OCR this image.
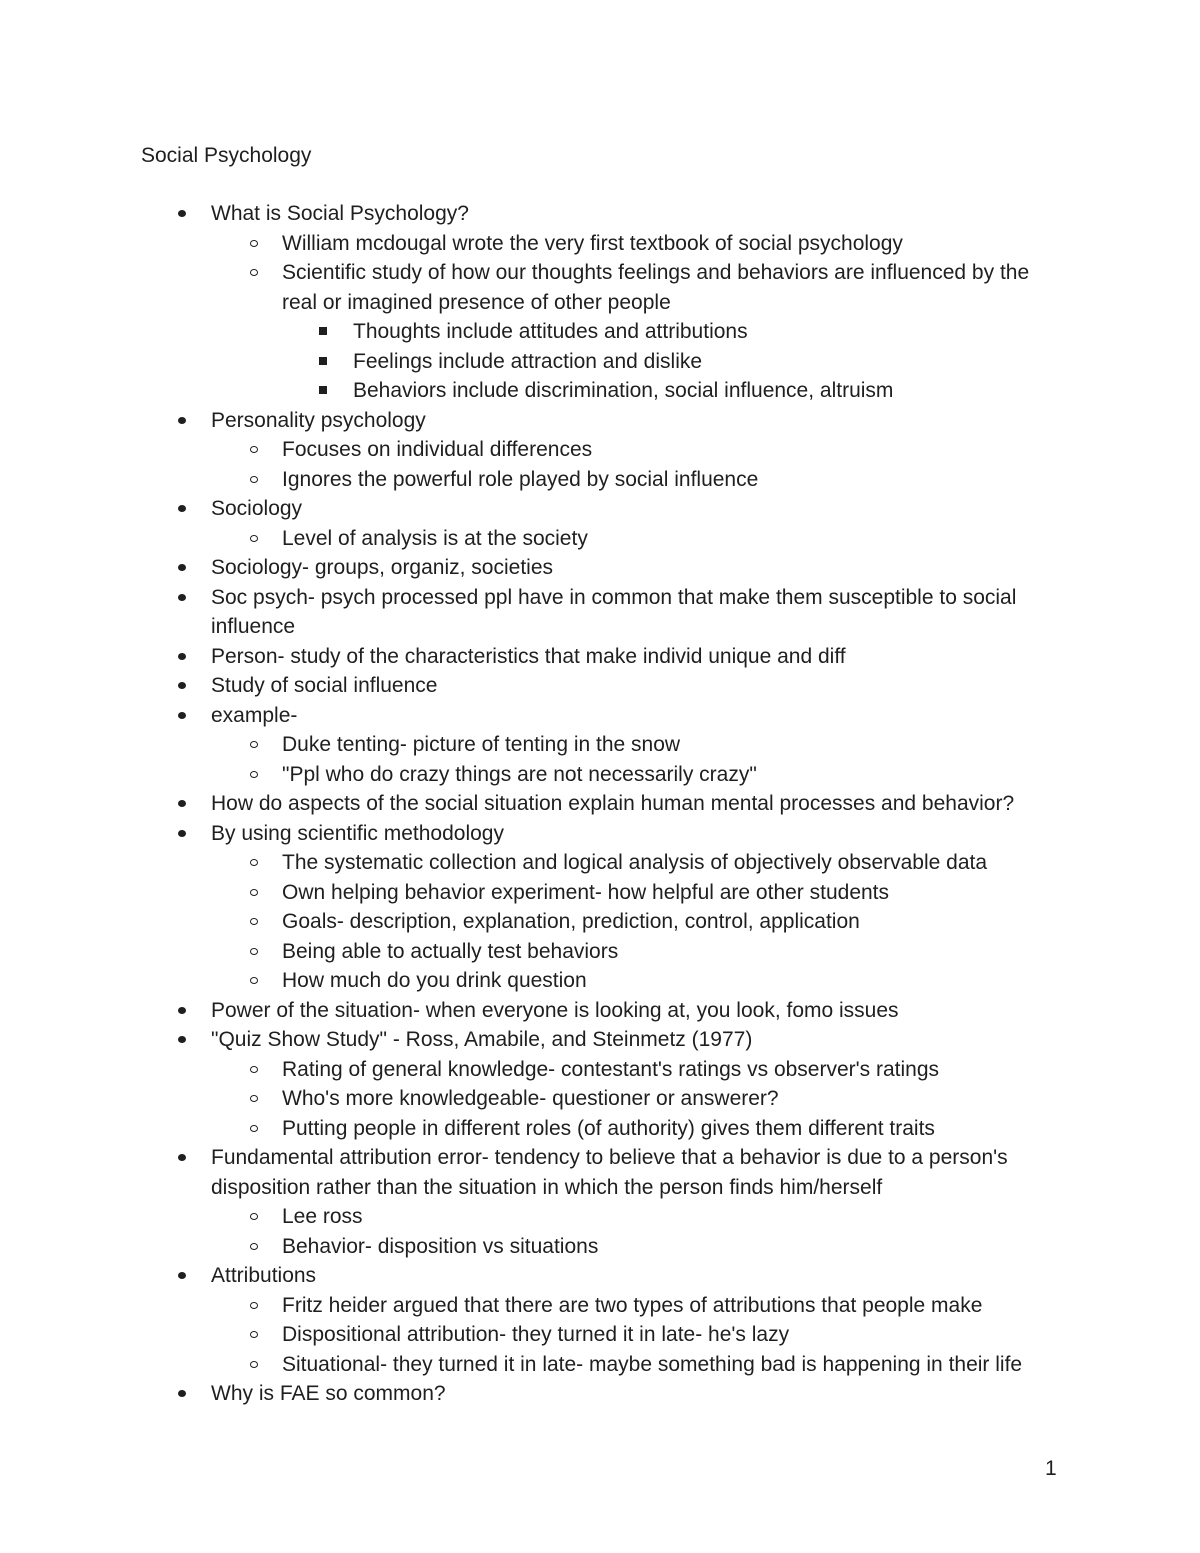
Social Psychology
What is Social Psychology?
William mcdougal wrote the very first textbook of social psychology
Scientific study of how our thoughts feelings and behaviors are influenced by the real or imagined presence of other people
Thoughts include attitudes and attributions
Feelings include attraction and dislike
Behaviors include discrimination, social influence, altruism
Personality psychology
Focuses on individual differences
Ignores the powerful role played by social influence
Sociology
Level of analysis is at the society
Sociology- groups, organiz, societies
Soc psych- psych processed ppl have in common that make them susceptible to social influence
Person- study of the characteristics that make individ unique and diff
Study of social influence
example-
Duke tenting- picture of tenting in the snow
"Ppl who do crazy things are not necessarily crazy"
How do aspects of the social situation explain human mental processes and behavior?
By using scientific methodology
The systematic collection and logical analysis of objectively observable data
Own helping behavior experiment- how helpful are other students
Goals- description, explanation, prediction, control, application
Being able to actually test behaviors
How much do you drink question
Power of the situation- when everyone is looking at, you look, fomo issues
"Quiz Show Study" - Ross, Amabile, and Steinmetz (1977)
Rating of general knowledge- contestant's ratings vs observer's ratings
Who's more knowledgeable- questioner or answerer?
Putting people in different roles (of authority) gives them different traits
Fundamental attribution error- tendency to believe that a behavior is due to a person's disposition rather than the situation in which the person finds him/herself
Lee ross
Behavior- disposition vs situations
Attributions
Fritz heider argued that there are two types of attributions that people make
Dispositional attribution- they turned it in late- he's lazy
Situational- they turned it in late- maybe something bad is happening in their life
Why is FAE so common?
1
